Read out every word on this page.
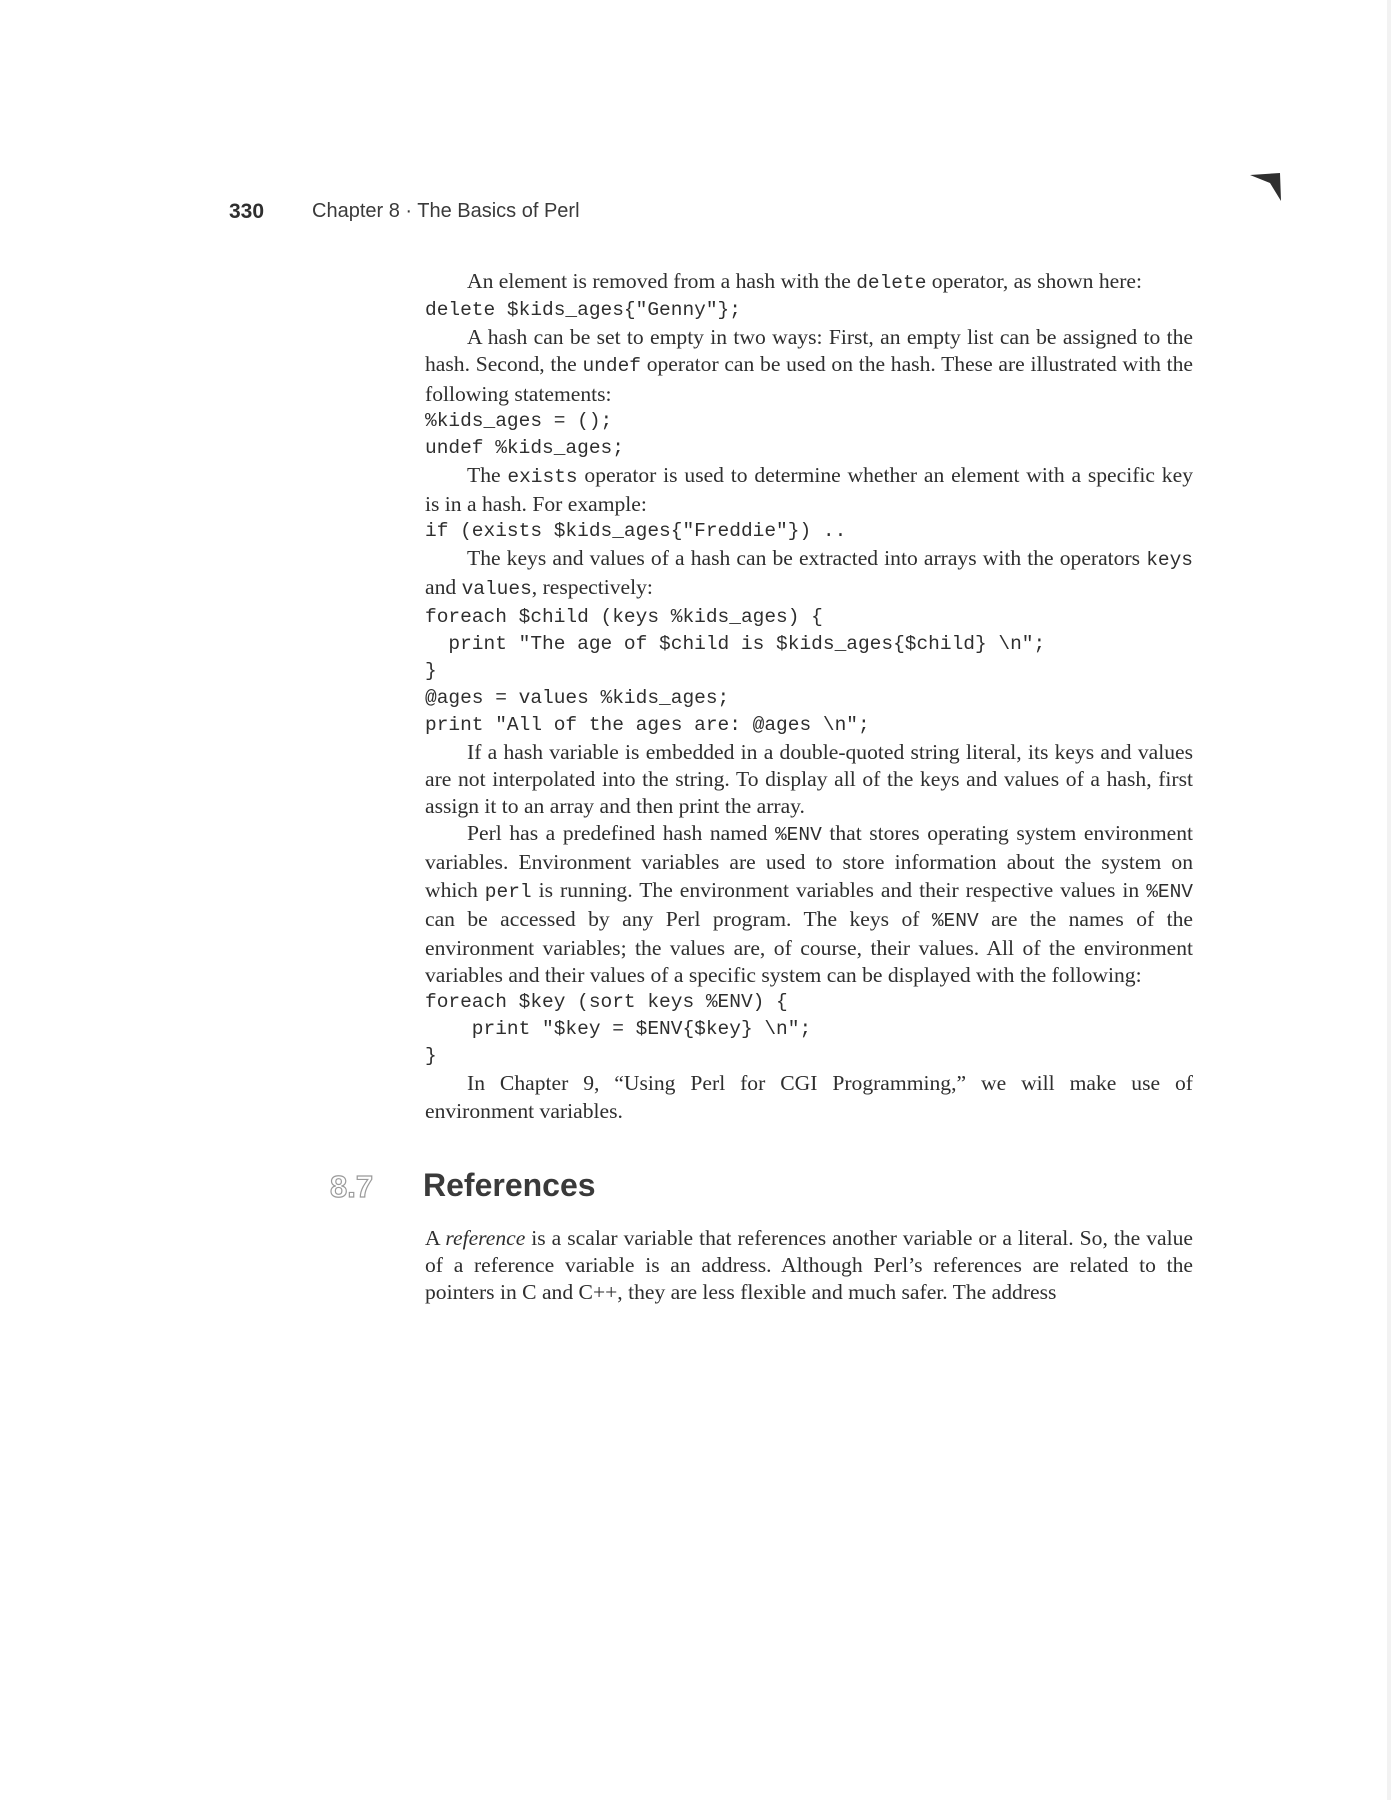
330 Chapter 8 · The Basics of Perl

An element is removed from a hash with the delete operator, as shown here:

delete $kids_ages{"Genny"};

A hash can be set to empty in two ways: First, an empty list can be assigned to the hash. Second, the undef operator can be used on the hash. These are illustrated with the following statements:

%kids_ages = ();
undef %kids_ages;

The exists operator is used to determine whether an element with a specific key is in a hash. For example:

if (exists $kids_ages{"Freddie"}) ..

The keys and values of a hash can be extracted into arrays with the operators keys and values, respectively:

foreach $child (keys %kids_ages) {
print "The age of $child is $kids_ages{$child} \n";
}
@ages = values %kids_ages;
print "All of the ages are: @ages \n";

If a hash variable is embedded in a double-quoted string literal, its keys and values are not interpolated into the string. To display all of the keys and values of a hash, first assign it to an array and then print the array.

Perl has a predefined hash named %ENV that stores operating system environment variables. Environment variables are used to store information about the system on which perl is running. The environment variables and their respective values in %ENV can be accessed by any Perl program. The keys of %ENV are the names of the environment variables; the values are, of course, their values. All of the environment variables and their values of a specific system can be displayed with the following:

foreach $key (sort keys %ENV) {
print "$key = $ENV{$key} \n";
}

In Chapter 9, “Using Perl for CGI Programming,” we will make use of environment variables.

8.7 References

A reference is a scalar variable that references another variable or a literal. So, the value of a reference variable is an address. Although Perl’s references are related to the pointers in C and C++, they are less flexible and much safer. The address
